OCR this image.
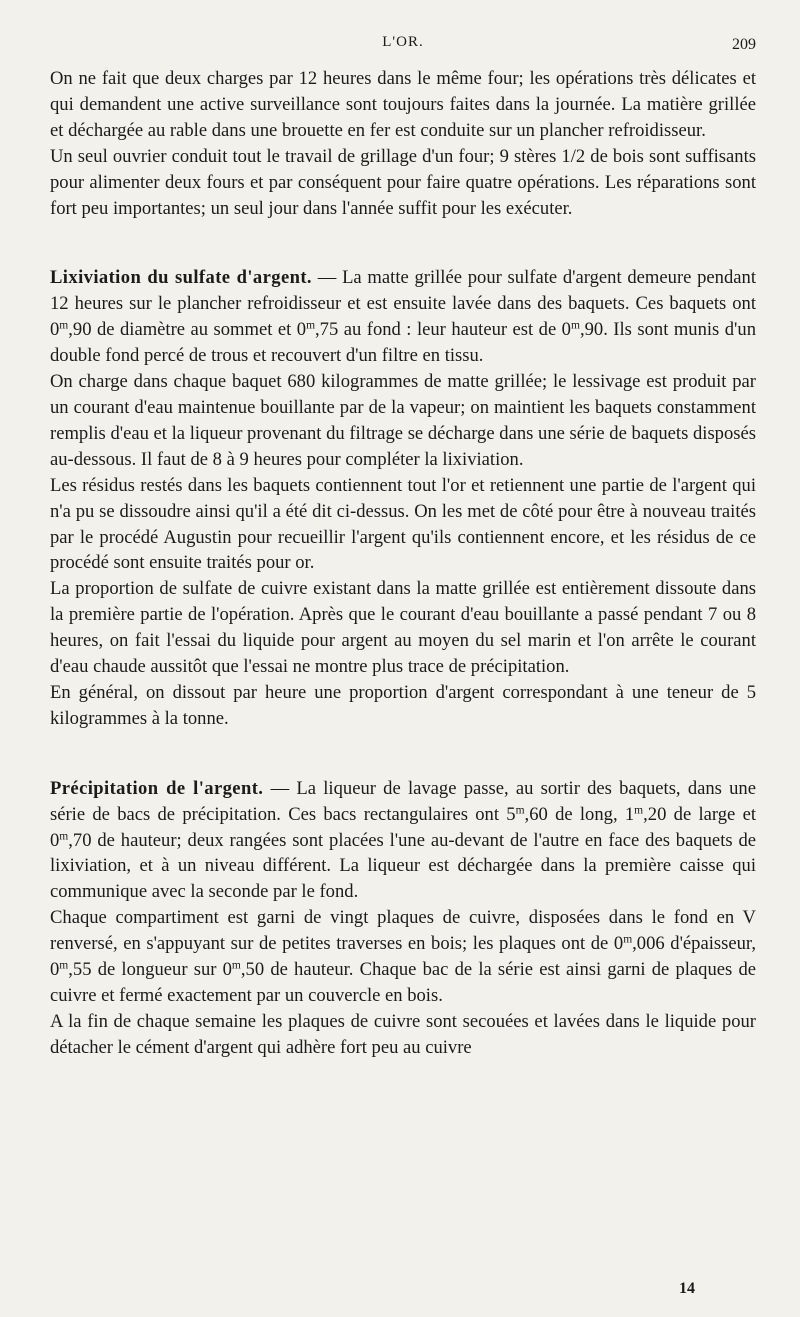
L'OR.	209

On ne fait que deux charges par 12 heures dans le même four; les opérations très délicates et qui demandent une active surveillance sont toujours faites dans la journée. La matière grillée et déchargée au rable dans une brouette en fer est conduite sur un plancher refroidisseur.

Un seul ouvrier conduit tout le travail de grillage d'un four; 9 stères 1/2 de bois sont suffisants pour alimenter deux fours et par conséquent pour faire quatre opérations. Les réparations sont fort peu importantes; un seul jour dans l'année suffit pour les exécuter.

Lixiviation du sulfate d'argent. — La matte grillée pour sulfate d'argent demeure pendant 12 heures sur le plancher refroidisseur et est ensuite lavée dans des baquets. Ces baquets ont 0$^m$,90 de diamètre au sommet et 0$^m$,75 au fond : leur hauteur est de 0$^m$,90. Ils sont munis d'un double fond percé de trous et recouvert d'un filtre en tissu.

On charge dans chaque baquet 680 kilogrammes de matte grillée; le lessivage est produit par un courant d'eau maintenue bouillante par de la vapeur; on maintient les baquets constamment remplis d'eau et la liqueur provenant du filtrage se décharge dans une série de baquets disposés au-dessous. Il faut de 8 à 9 heures pour compléter la lixiviation.

Les résidus restés dans les baquets contiennent tout l'or et retiennent une partie de l'argent qui n'a pu se dissoudre ainsi qu'il a été dit ci-dessus. On les met de côté pour être à nouveau traités par le procédé Augustin pour recueillir l'argent qu'ils contiennent encore, et les résidus de ce procédé sont ensuite traités pour or.

La proportion de sulfate de cuivre existant dans la matte grillée est entièrement dissoute dans la première partie de l'opération. Après que le courant d'eau bouillante a passé pendant 7 ou 8 heures, on fait l'essai du liquide pour argent au moyen du sel marin et l'on arrête le courant d'eau chaude aussitôt que l'essai ne montre plus trace de précipitation.

En général, on dissout par heure une proportion d'argent correspondant à une teneur de 5 kilogrammes à la tonne.

Précipitation de l'argent. — La liqueur de lavage passe, au sortir des baquets, dans une série de bacs de précipitation. Ces bacs rectangulaires ont 5$^m$,60 de long, 1$^m$,20 de large et 0$^m$,70 de hauteur; deux rangées sont placées l'une au-devant de l'autre en face des baquets de lixiviation, et à un niveau différent. La liqueur est déchargée dans la première caisse qui communique avec la seconde par le fond.

Chaque compartiment est garni de vingt plaques de cuivre, disposées dans le fond en V renversé, en s'appuyant sur de petites traverses en bois; les plaques ont de 0$^m$,006 d'épaisseur, 0$^m$,55 de longueur sur 0$^m$,50 de hauteur. Chaque bac de la série est ainsi garni de plaques de cuivre et fermé exactement par un couvercle en bois.

A la fin de chaque semaine les plaques de cuivre sont secouées et lavées dans le liquide pour détacher le cément d'argent qui adhère fort peu au cuivre

14
